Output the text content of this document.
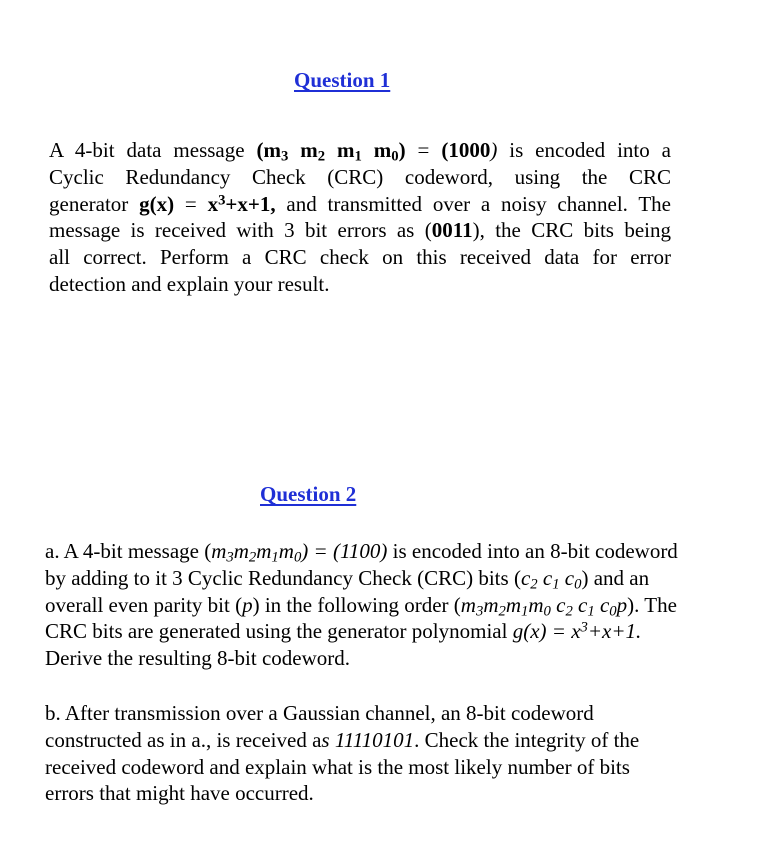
Question 1

A 4-bit data message ($m_3$ $m_2$ $m_1$ $m_0) = (1000)$ is encoded into a
Cyclic Redundancy Check (CRC) codeword, using the CRC
generator $g(x) = x^3+x+1$, and transmitted over a noisy channel. The
message is received with 3 bit errors as (0011), the CRC bits being
all correct. Perform a CRC check on this received data for error
detection and explain your result.

Question 2

a. A 4-bit message $(m_3m_2m_1m_0) = (1100)$ is encoded into an 8-bit codeword
by adding to it 3 Cyclic Redundancy Check (CRC) bits ($c_2$ $c_1$ $c_0$) and an
overall even parity bit (p) in the following order ($m_3m_2m_1m_0$ $c_2$ $c_1$ $c_0p$). The
CRC bits are generated using the generator polynomial $g(x) = x^3+x+1$.
Derive the resulting 8-bit codeword.

b. After transmission over a Gaussian channel, an 8-bit codeword
constructed as in a., is received as 11110101. Check the integrity of the
received codeword and explain what is the most likely number of bits
errors that might have occurred.
